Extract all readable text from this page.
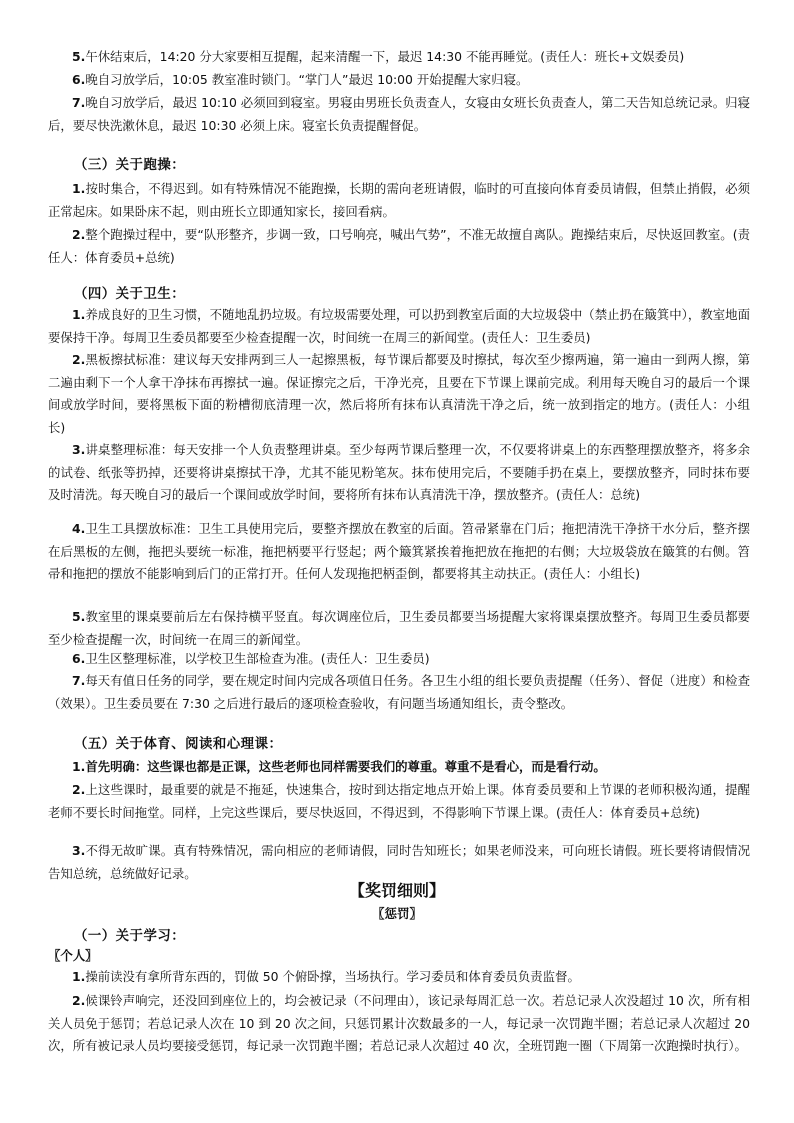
5.午休结束后，14:20 分大家要相互提醒，起来清醒一下，最迟 14:30 不能再睡觉。(责任人：班长+文娱委员)

6.晚自习放学后，10:05 教室准时锁门。“掌门人”最迟 10:00 开始提醒大家归寝。

7.晚自习放学后，最迟 10:10 必须回到寝室。男寝由男班长负责查人，女寝由女班长负责查人，第二天告知总统记录。归寝后，要尽快洗漱休息，最迟 10:30 必须上床。寝室长负责提醒督促。

（三）关于跑操：

1.按时集合，不得迟到。如有特殊情况不能跑操，长期的需向老班请假，临时的可直接向体育委员请假，但禁止捎假，必须正常起床。如果卧床不起，则由班长立即通知家长，接回看病。

2.整个跑操过程中，要“队形整齐，步调一致，口号响亮，喊出气势”，不准无故擅自离队。跑操结束后，尽快返回教室。(责任人：体育委员+总统)

（四）关于卫生：

1.养成良好的卫生习惯，不随地乱扔垃圾。有垃圾需要处理，可以扔到教室后面的大垃圾袋中（禁止扔在簸箕中），教室地面要保持干净。每周卫生委员都要至少检查提醒一次，时间统一在周三的新闻堂。(责任人：卫生委员)

2.黑板擦拭标准：建议每天安排两到三人一起擦黑板，每节课后都要及时擦拭，每次至少擦两遍，第一遍由一到两人擦，第二遍由剩下一个人拿干净抹布再擦拭一遍。保证擦完之后，干净光亮，且要在下节课上课前完成。利用每天晚自习的最后一个课间或放学时间，要将黑板下面的粉槽彻底清理一次，然后将所有抹布认真清洗干净之后，统一放到指定的地方。(责任人：小组长)

3.讲桌整理标准：每天安排一个人负责整理讲桌。至少每两节课后整理一次，不仅要将讲桌上的东西整理摆放整齐，将多余的试卷、纸张等扔掉，还要将讲桌擦拭干净，尤其不能见粉笔灰。抹布使用完后，不要随手扔在桌上，要摆放整齐，同时抹布要及时清洗。每天晚自习的最后一个课间或放学时间，要将所有抹布认真清洗干净，摆放整齐。(责任人：总统)

4.卫生工具摆放标准：卫生工具使用完后，要整齐摆放在教室的后面。笤帚紧靠在门后；拖把清洗干净挤干水分后，整齐摆在后黑板的左侧，拖把头要统一标准，拖把柄要平行竖起；两个簸箕紧挨着拖把放在拖把的右侧；大垃圾袋放在簸箕的右侧。笤帚和拖把的摆放不能影响到后门的正常打开。任何人发现拖把柄歪倒，都要将其主动扶正。(责任人：小组长)

5.教室里的课桌要前后左右保持横平竖直。每次调座位后，卫生委员都要当场提醒大家将课桌摆放整齐。每周卫生委员都要至少检查提醒一次，时间统一在周三的新闻堂。

6.卫生区整理标准，以学校卫生部检查为准。(责任人：卫生委员)

7.每天有值日任务的同学，要在规定时间内完成各项值日任务。各卫生小组的组长要负责提醒（任务）、督促（进度）和检查（效果）。卫生委员要在 7:30 之后进行最后的逐项检查验收，有问题当场通知组长，责令整改。

（五）关于体育、阅读和心理课：

1.首先明确：这些课也都是正课，这些老师也同样需要我们的尊重。尊重不是看心，而是看行动。

2.上这些课时，最重要的就是不拖延，快速集合，按时到达指定地点开始上课。体育委员要和上节课的老师积极沟通，提醒老师不要长时间拖堂。同样，上完这些课后，要尽快返回，不得迟到，不得影响下节课上课。(责任人：体育委员+总统)

3.不得无故旷课。真有特殊情况，需向相应的老师请假，同时告知班长；如果老师没来，可向班长请假。班长要将请假情况告知总统，总统做好记录。

【奖罚细则】

〖惩罚〗

（一）关于学习：

〖个人〗

1.操前读没有拿所背东西的，罚做 50 个俯卧撑，当场执行。学习委员和体育委员负责监督。

2.候课铃声响完，还没回到座位上的，均会被记录（不问理由），该记录每周汇总一次。若总记录人次没超过 10 次，所有相关人员免于惩罚；若总记录人次在 10 到 20 次之间，只惩罚累计次数最多的一人，每记录一次罚跑半圈；若总记录人次超过 20 次，所有被记录人员均要接受惩罚，每记录一次罚跑半圈；若总记录人次超过 40 次，全班罚跑一圈（下周第一次跑操时执行）。
